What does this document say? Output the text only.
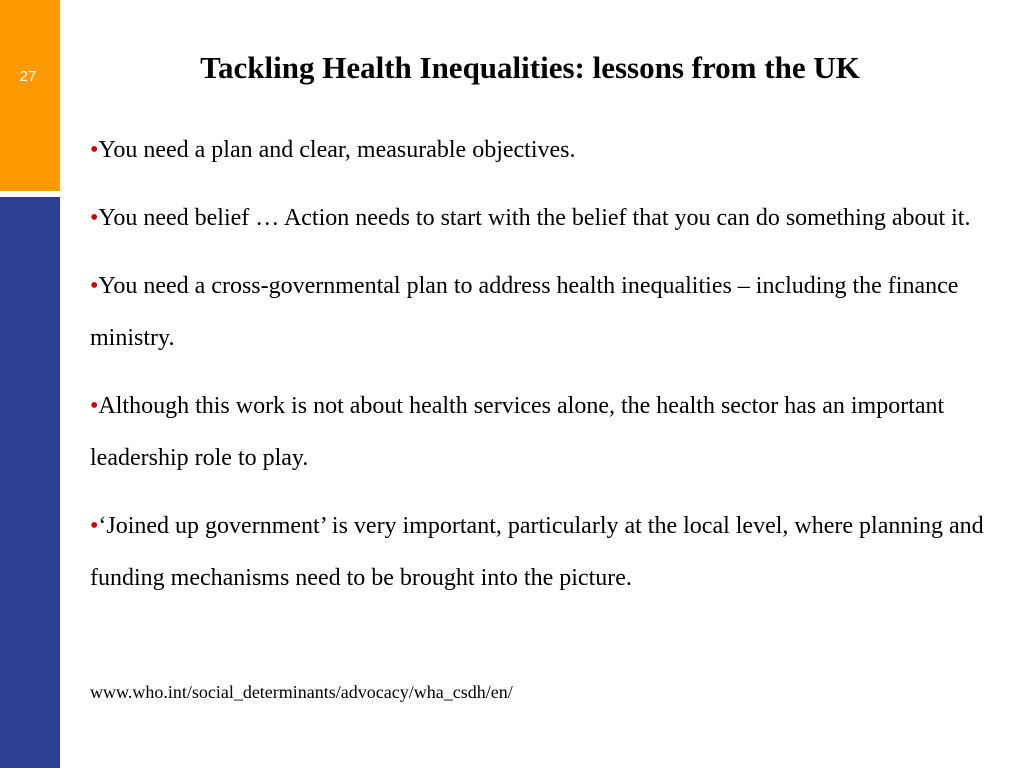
27	Tackling Health Inequalities: lessons from the UK
•You need a plan and clear, measurable objectives.
•You need belief … Action needs to start with the belief that you can do something about it.
•You need a cross-governmental plan to address health inequalities – including the finance ministry.
•Although this work is not about health services alone, the health sector has an important leadership role to play.
•‘Joined up government’ is very important, particularly at the local level, where planning and funding mechanisms need to be brought into the picture.
www.who.int/social_determinants/advocacy/wha_csdh/en/
